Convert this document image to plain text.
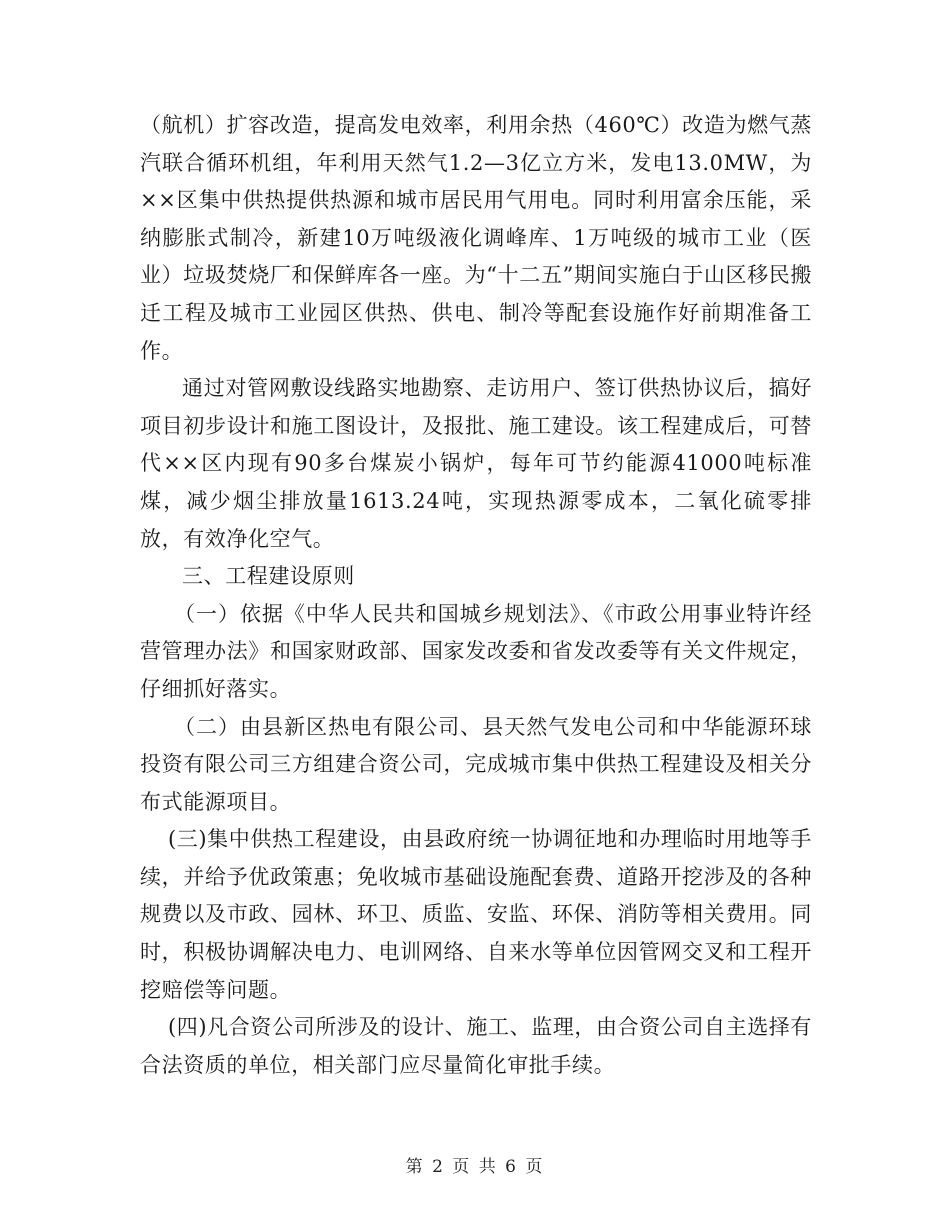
（航机）扩容改造，提高发电效率，利用余热（460℃）改造为燃气蒸汽联合循环机组，年利用天然气1.2—3亿立方米，发电13.0MW，为××区集中供热提供热源和城市居民用气用电。同时利用富余压能，采纳膨胀式制冷，新建10万吨级液化调峰库、1万吨级的城市工业（医业）垃圾焚烧厂和保鲜库各一座。为“十二五”期间实施白于山区移民搬迁工程及城市工业园区供热、供电、制冷等配套设施作好前期准备工作。

通过对管网敷设线路实地勘察、走访用户、签订供热协议后，搞好项目初步设计和施工图设计，及报批、施工建设。该工程建成后，可替代××区内现有90多台煤炭小锅炉，每年可节约能源41000吨标准煤，减少烟尘排放量1613.24吨，实现热源零成本，二氧化硫零排放，有效净化空气。

三、工程建设原则

（一）依据《中华人民共和国城乡规划法》、《市政公用事业特许经营管理办法》和国家财政部、国家发改委和省发改委等有关文件规定，仔细抓好落实。

（二）由县新区热电有限公司、县天然气发电公司和中华能源环球投资有限公司三方组建合资公司，完成城市集中供热工程建设及相关分布式能源项目。

(三)集中供热工程建设，由县政府统一协调征地和办理临时用地等手续，并给予优政策惠；免收城市基础设施配套费、道路开挖涉及的各种规费以及市政、园林、环卫、质监、安监、环保、消防等相关费用。同时，积极协调解决电力、电训网络、自来水等单位因管网交叉和工程开挖赔偿等问题。

(四)凡合资公司所涉及的设计、施工、监理，由合资公司自主选择有合法资质的单位，相关部门应尽量简化审批手续。

第 2 页 共 6 页
